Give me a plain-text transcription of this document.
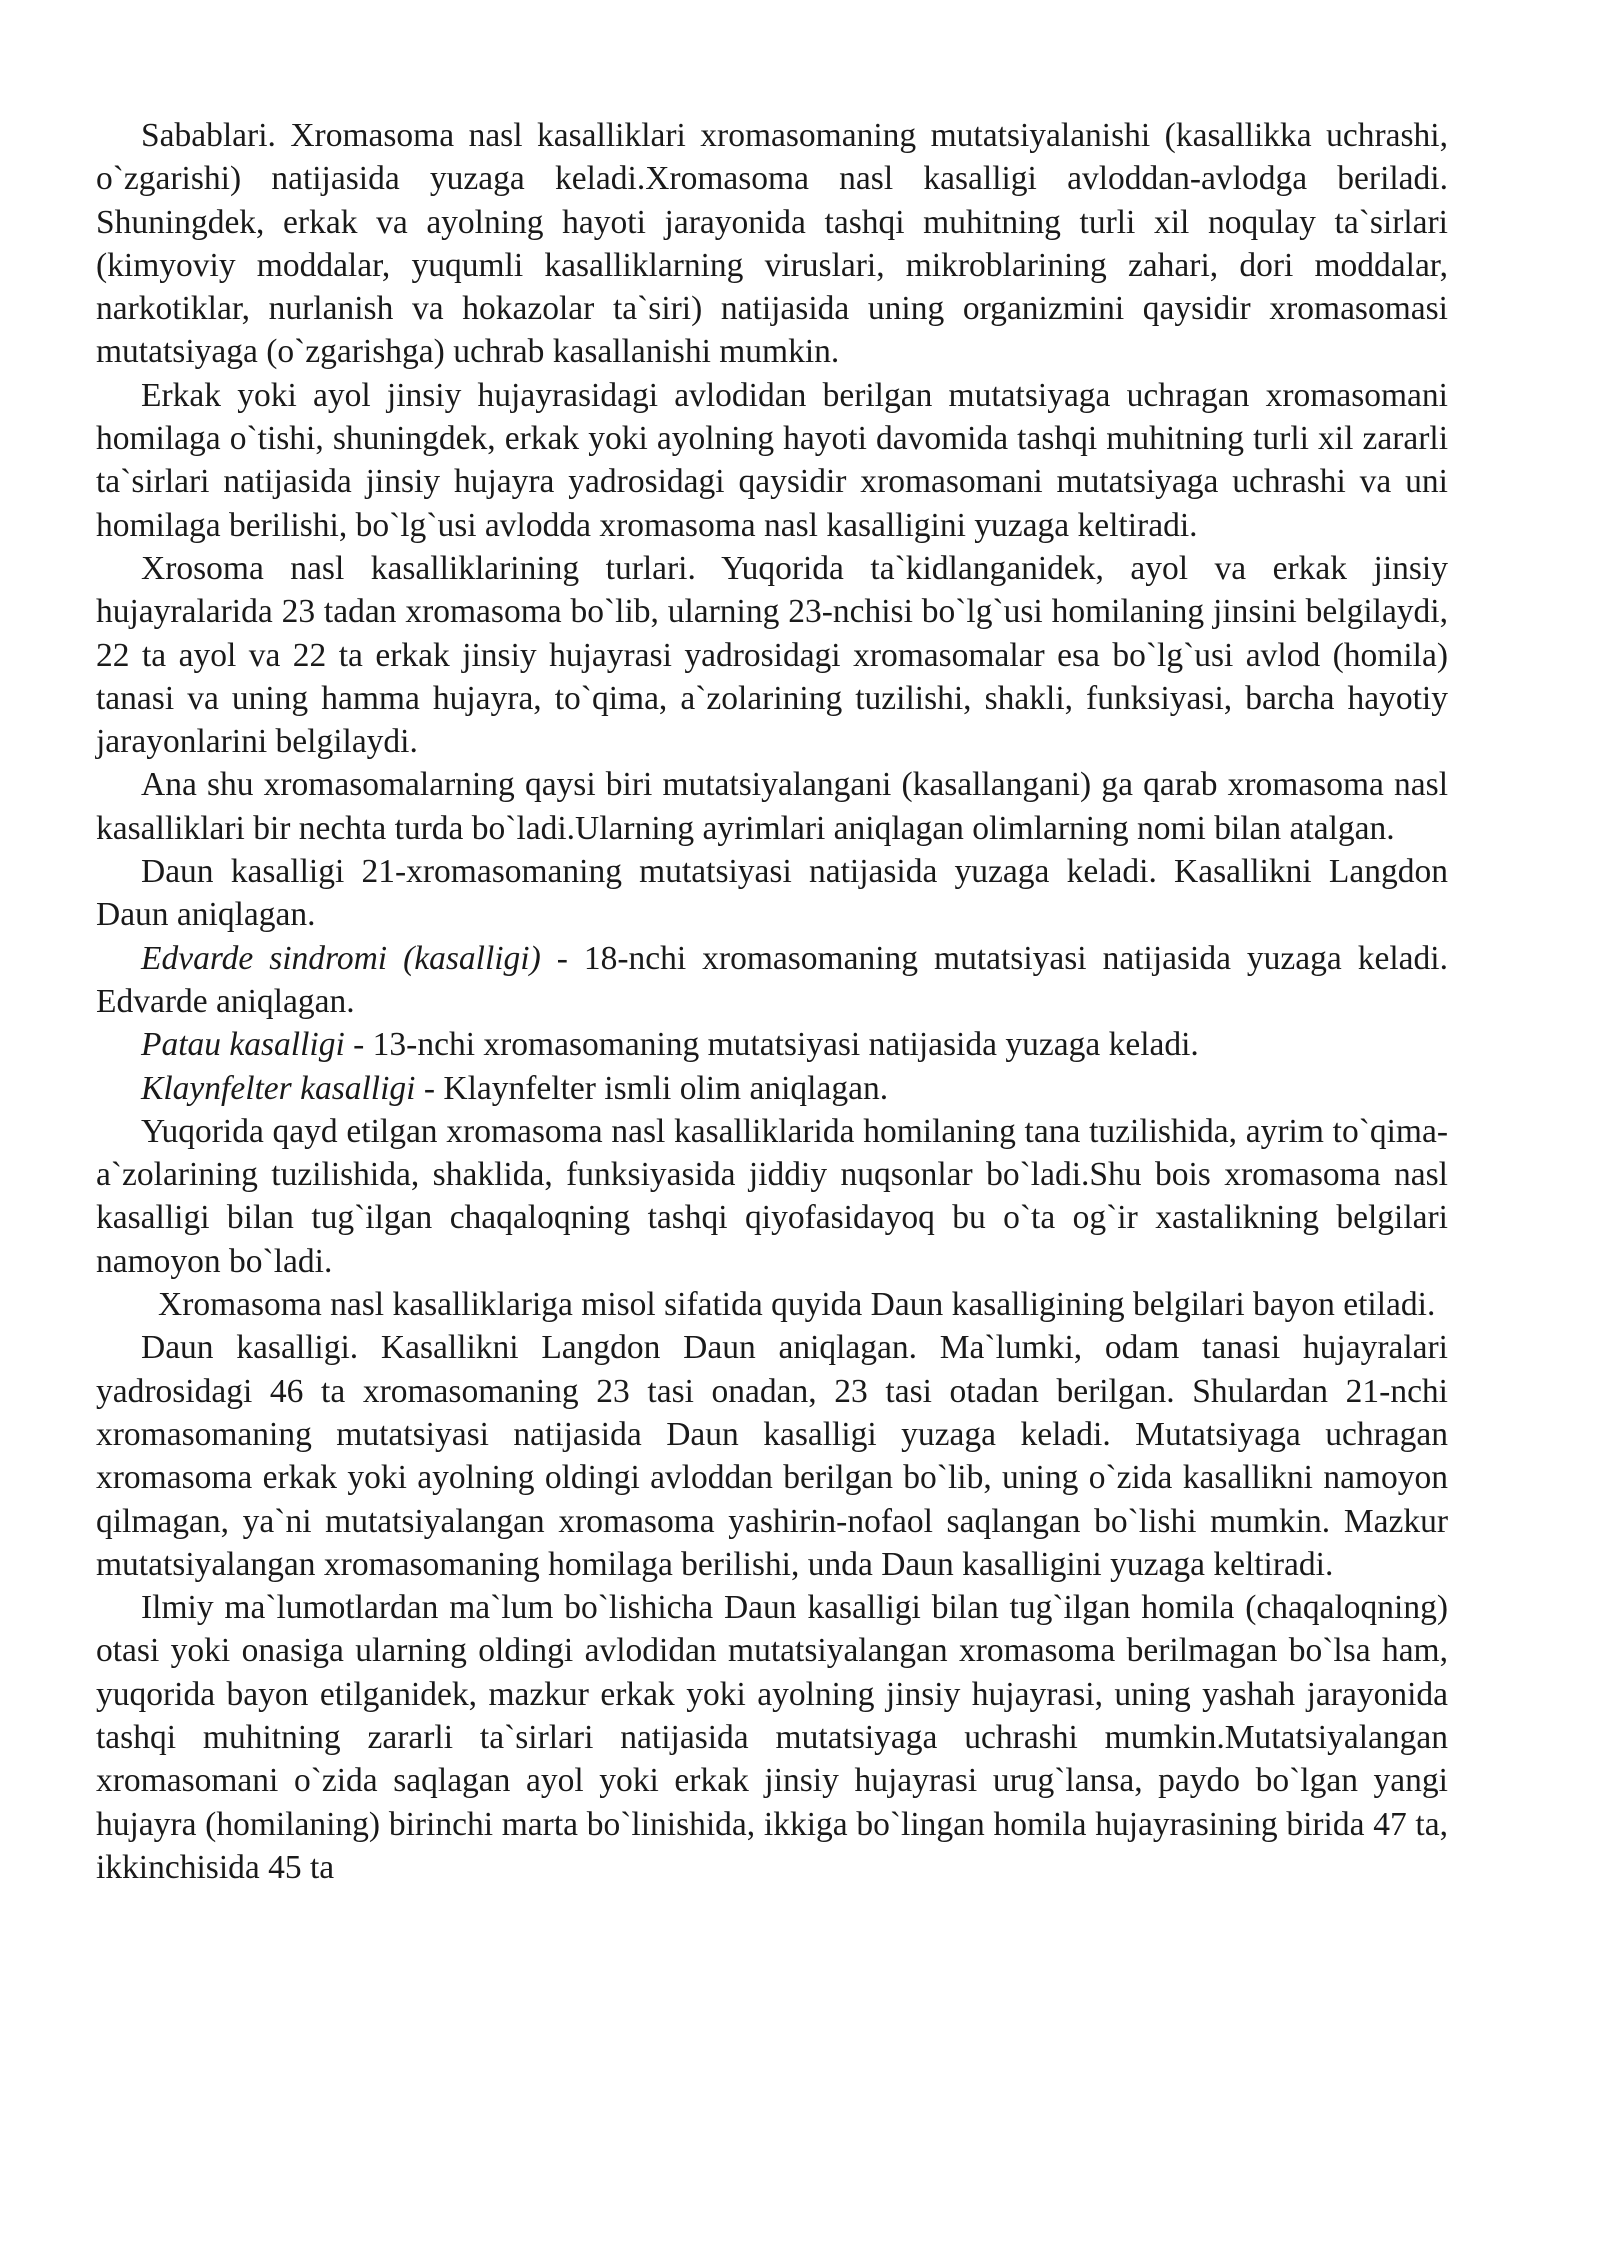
Sabablari. Xromasoma nasl kasalliklari xromasomaning mutatsiyalanishi (kasallikka uchrashi, o`zgarishi) natijasida yuzaga keladi.Xromasoma nasl kasalligi avloddan-avlodga beriladi. Shuningdek, erkak va ayolning hayoti jarayonida tashqi muhitning turli xil noqulay ta`sirlari (kimyoviy moddalar, yuqumli kasalliklarning viruslari, mikroblarining zahari, dori moddalar, narkotiklar, nurlanish va hokazolar ta`siri) natijasida uning organizmini qaysidir xromasomasi mutatsiyaga (o`zgarishga) uchrab kasallanishi mumkin.

Erkak yoki ayol jinsiy hujayrasidagi avlodidan berilgan mutatsiyaga uchragan xromasomani homilaga o`tishi, shuningdek, erkak yoki ayolning hayoti davomida tashqi muhitning turli xil zararli ta`sirlari natijasida jinsiy hujayra yadrosidagi qaysidir xromasomani mutatsiyaga uchrashi va uni homilaga berilishi, bo`lg`usi avlodda xromasoma nasl kasalligini yuzaga keltiradi.

Xrosoma nasl kasalliklarining turlari. Yuqorida ta`kidlanganidek, ayol va erkak jinsiy hujayralarida 23 tadan xromasoma bo`lib, ularning 23-nchisi bo`lg`usi homilaning jinsini belgilaydi, 22 ta ayol va 22 ta erkak jinsiy hujayrasi yadrosidagi xromasomalar esa bo`lg`usi avlod (homila) tanasi va uning hamma hujayra, to`qima, a`zolarining tuzilishi, shakli, funksiyasi, barcha hayotiy jarayonlarini belgilaydi.

Ana shu xromasomalarning qaysi biri mutatsiyalangani (kasallangani) ga qarab xromasoma nasl kasalliklari bir nechta turda bo`ladi.Ularning ayrimlari aniqlagan olimlarning nomi bilan atalgan.

Daun kasalligi 21-xromasomaning mutatsiyasi natijasida yuzaga keladi. Kasallikni Langdon Daun aniqlagan.

Edvarde sindromi (kasalligi) - 18-nchi xromasomaning mutatsiyasi natijasida yuzaga keladi. Edvarde aniqlagan.

Patau kasalligi - 13-nchi xromasomaning mutatsiyasi natijasida yuzaga keladi.

Klaynfelter kasalligi - Klaynfelter ismli olim aniqlagan.

Yuqorida qayd etilgan xromasoma nasl kasalliklarida homilaning tana tuzilishida, ayrim to`qima-a`zolarining tuzilishida, shaklida, funksiyasida jiddiy nuqsonlar bo`ladi.Shu bois xromasoma nasl kasalligi bilan tug`ilgan chaqaloqning tashqi qiyofasidayoq bu o`ta og`ir xastalikning belgilari namoyon bo`ladi.

Xromasoma nasl kasalliklariga misol sifatida quyida Daun kasalligining belgilari bayon etiladi.

Daun kasalligi. Kasallikni Langdon Daun aniqlagan. Ma`lumki, odam tanasi hujayralari yadrosidagi 46 ta xromasomaning 23 tasi onadan, 23 tasi otadan berilgan. Shulardan 21-nchi xromasomaning mutatsiyasi natijasida Daun kasalligi yuzaga keladi. Mutatsiyaga uchragan xromasoma erkak yoki ayolning oldingi avloddan berilgan bo`lib, uning o`zida kasallikni namoyon qilmagan, ya`ni mutatsiyalangan xromasoma yashirin-nofaol saqlangan bo`lishi mumkin. Mazkur mutatsiyalangan xromasomaning homilaga berilishi, unda Daun kasalligini yuzaga keltiradi.

Ilmiy ma`lumotlardan ma`lum bo`lishicha Daun kasalligi bilan tug`ilgan homila (chaqaloqning) otasi yoki onasiga ularning oldingi avlodidan mutatsiyalangan xromasoma berilmagan bo`lsa ham, yuqorida bayon etilganidek, mazkur erkak yoki ayolning jinsiy hujayrasi, uning yashah jarayonida tashqi muhitning zararli ta`sirlari natijasida mutatsiyaga uchrashi mumkin.Mutatsiyalangan xromasomani o`zida saqlagan ayol yoki erkak jinsiy hujayrasi urug`lansa, paydo bo`lgan yangi hujayra (homilaning) birinchi marta bo`linishida, ikkiga bo`lingan homila hujayrasining birida 47 ta, ikkinchisida 45 ta
